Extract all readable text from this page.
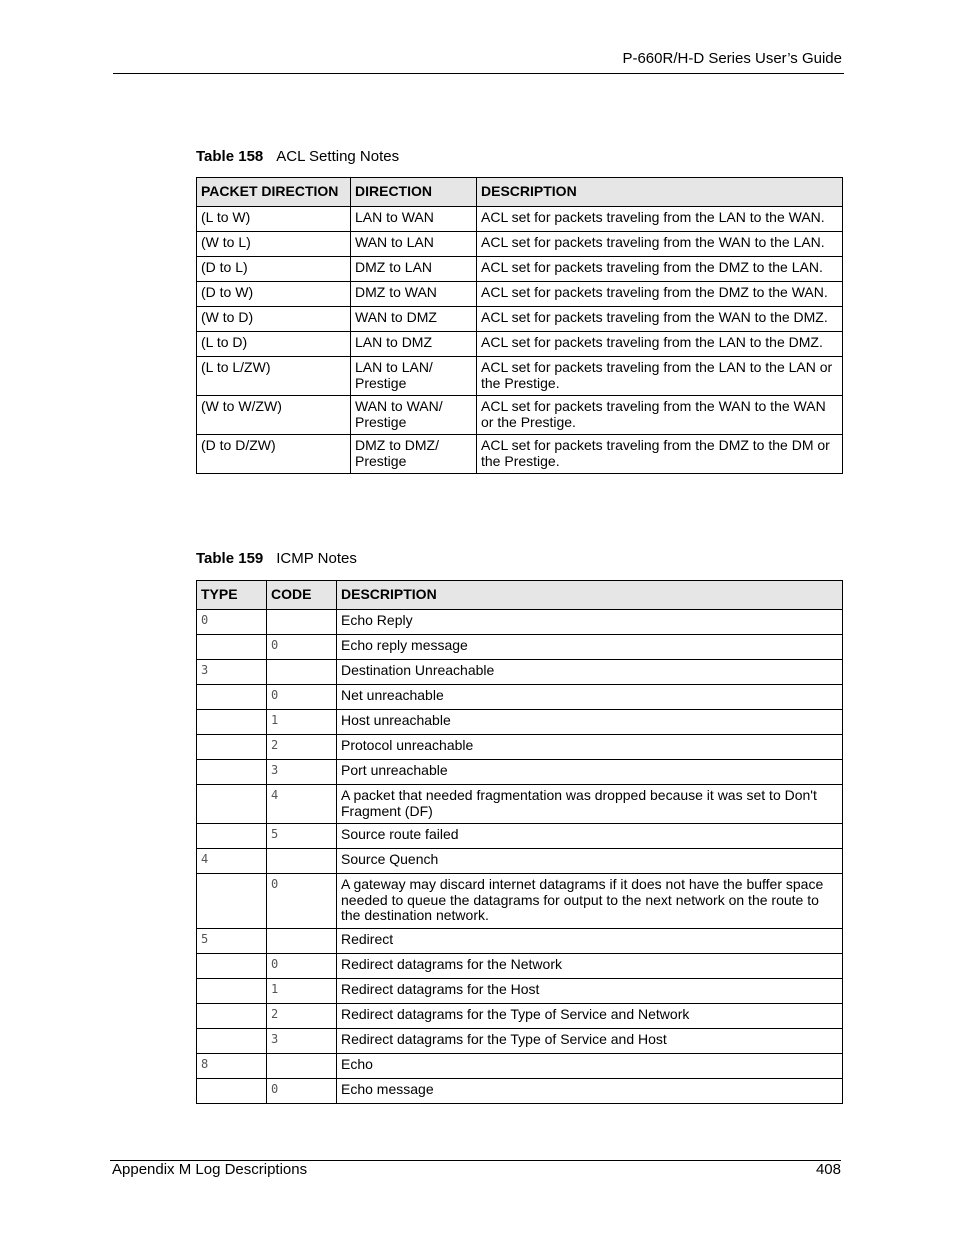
P-660R/H-D Series User’s Guide
Table 158 ACL Setting Notes
PACKET DIRECTION	DIRECTION	DESCRIPTION
(L to W)	LAN to WAN	ACL set for packets traveling from the LAN to the WAN.
(W to L)	WAN to LAN	ACL set for packets traveling from the WAN to the LAN.
(D to L)	DMZ to LAN	ACL set for packets traveling from the DMZ to the LAN.
(D to W)	DMZ to WAN	ACL set for packets traveling from the DMZ to the WAN.
(W to D)	WAN to DMZ	ACL set for packets traveling from the WAN to the DMZ.
(L to D)	LAN to DMZ	ACL set for packets traveling from the LAN to the DMZ.
(L to L/ZW)	LAN to LAN/ Prestige	ACL set for packets traveling from the LAN to the LAN or the Prestige.
(W to W/ZW)	WAN to WAN/ Prestige	ACL set for packets traveling from the WAN to the WAN or the Prestige.
(D to D/ZW)	DMZ to DMZ/ Prestige	ACL set for packets traveling from the DMZ to the DM or the Prestige.
Table 159 ICMP Notes
TYPE	CODE	DESCRIPTION
0		Echo Reply
	0	Echo reply message
3		Destination Unreachable
	0	Net unreachable
	1	Host unreachable
	2	Protocol unreachable
	3	Port unreachable
	4	A packet that needed fragmentation was dropped because it was set to Don't Fragment (DF)
	5	Source route failed
4		Source Quench
	0	A gateway may discard internet datagrams if it does not have the buffer space needed to queue the datagrams for output to the next network on the route to the destination network.
5		Redirect
	0	Redirect datagrams for the Network
	1	Redirect datagrams for the Host
	2	Redirect datagrams for the Type of Service and Network
	3	Redirect datagrams for the Type of Service and Host
8		Echo
	0	Echo message
Appendix M Log Descriptions	408
